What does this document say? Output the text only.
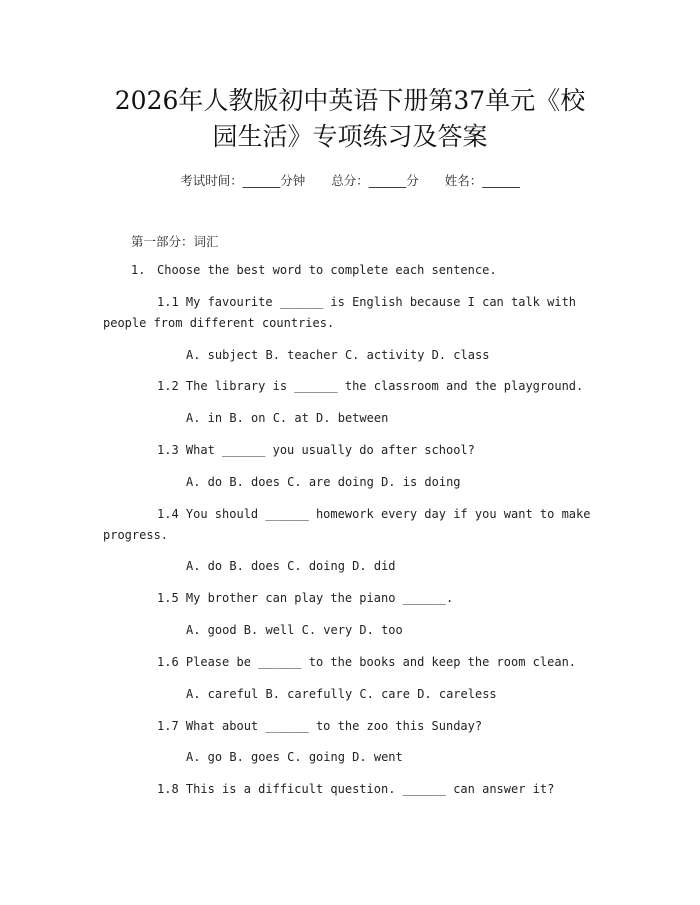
2026年人教版初中英语下册第37单元《校
园生活》专项练习及答案
考试时间：______分钟 总分：______分 姓名：______
第一部分：词汇
1. Choose the best word to complete each sentence.
1.1 My favourite ______ is English because I can talk with
people from different countries.
A. subject B. teacher C. activity D. class
1.2 The library is ______ the classroom and the playground.
A. in B. on C. at D. between
1.3 What ______ you usually do after school?
A. do B. does C. are doing D. is doing
1.4 You should ______ homework every day if you want to make
progress.
A. do B. does C. doing D. did
1.5 My brother can play the piano ______.
A. good B. well C. very D. too
1.6 Please be ______ to the books and keep the room clean.
A. careful B. carefully C. care D. careless
1.7 What about ______ to the zoo this Sunday?
A. go B. goes C. going D. went
1.8 This is a difficult question. ______ can answer it?
